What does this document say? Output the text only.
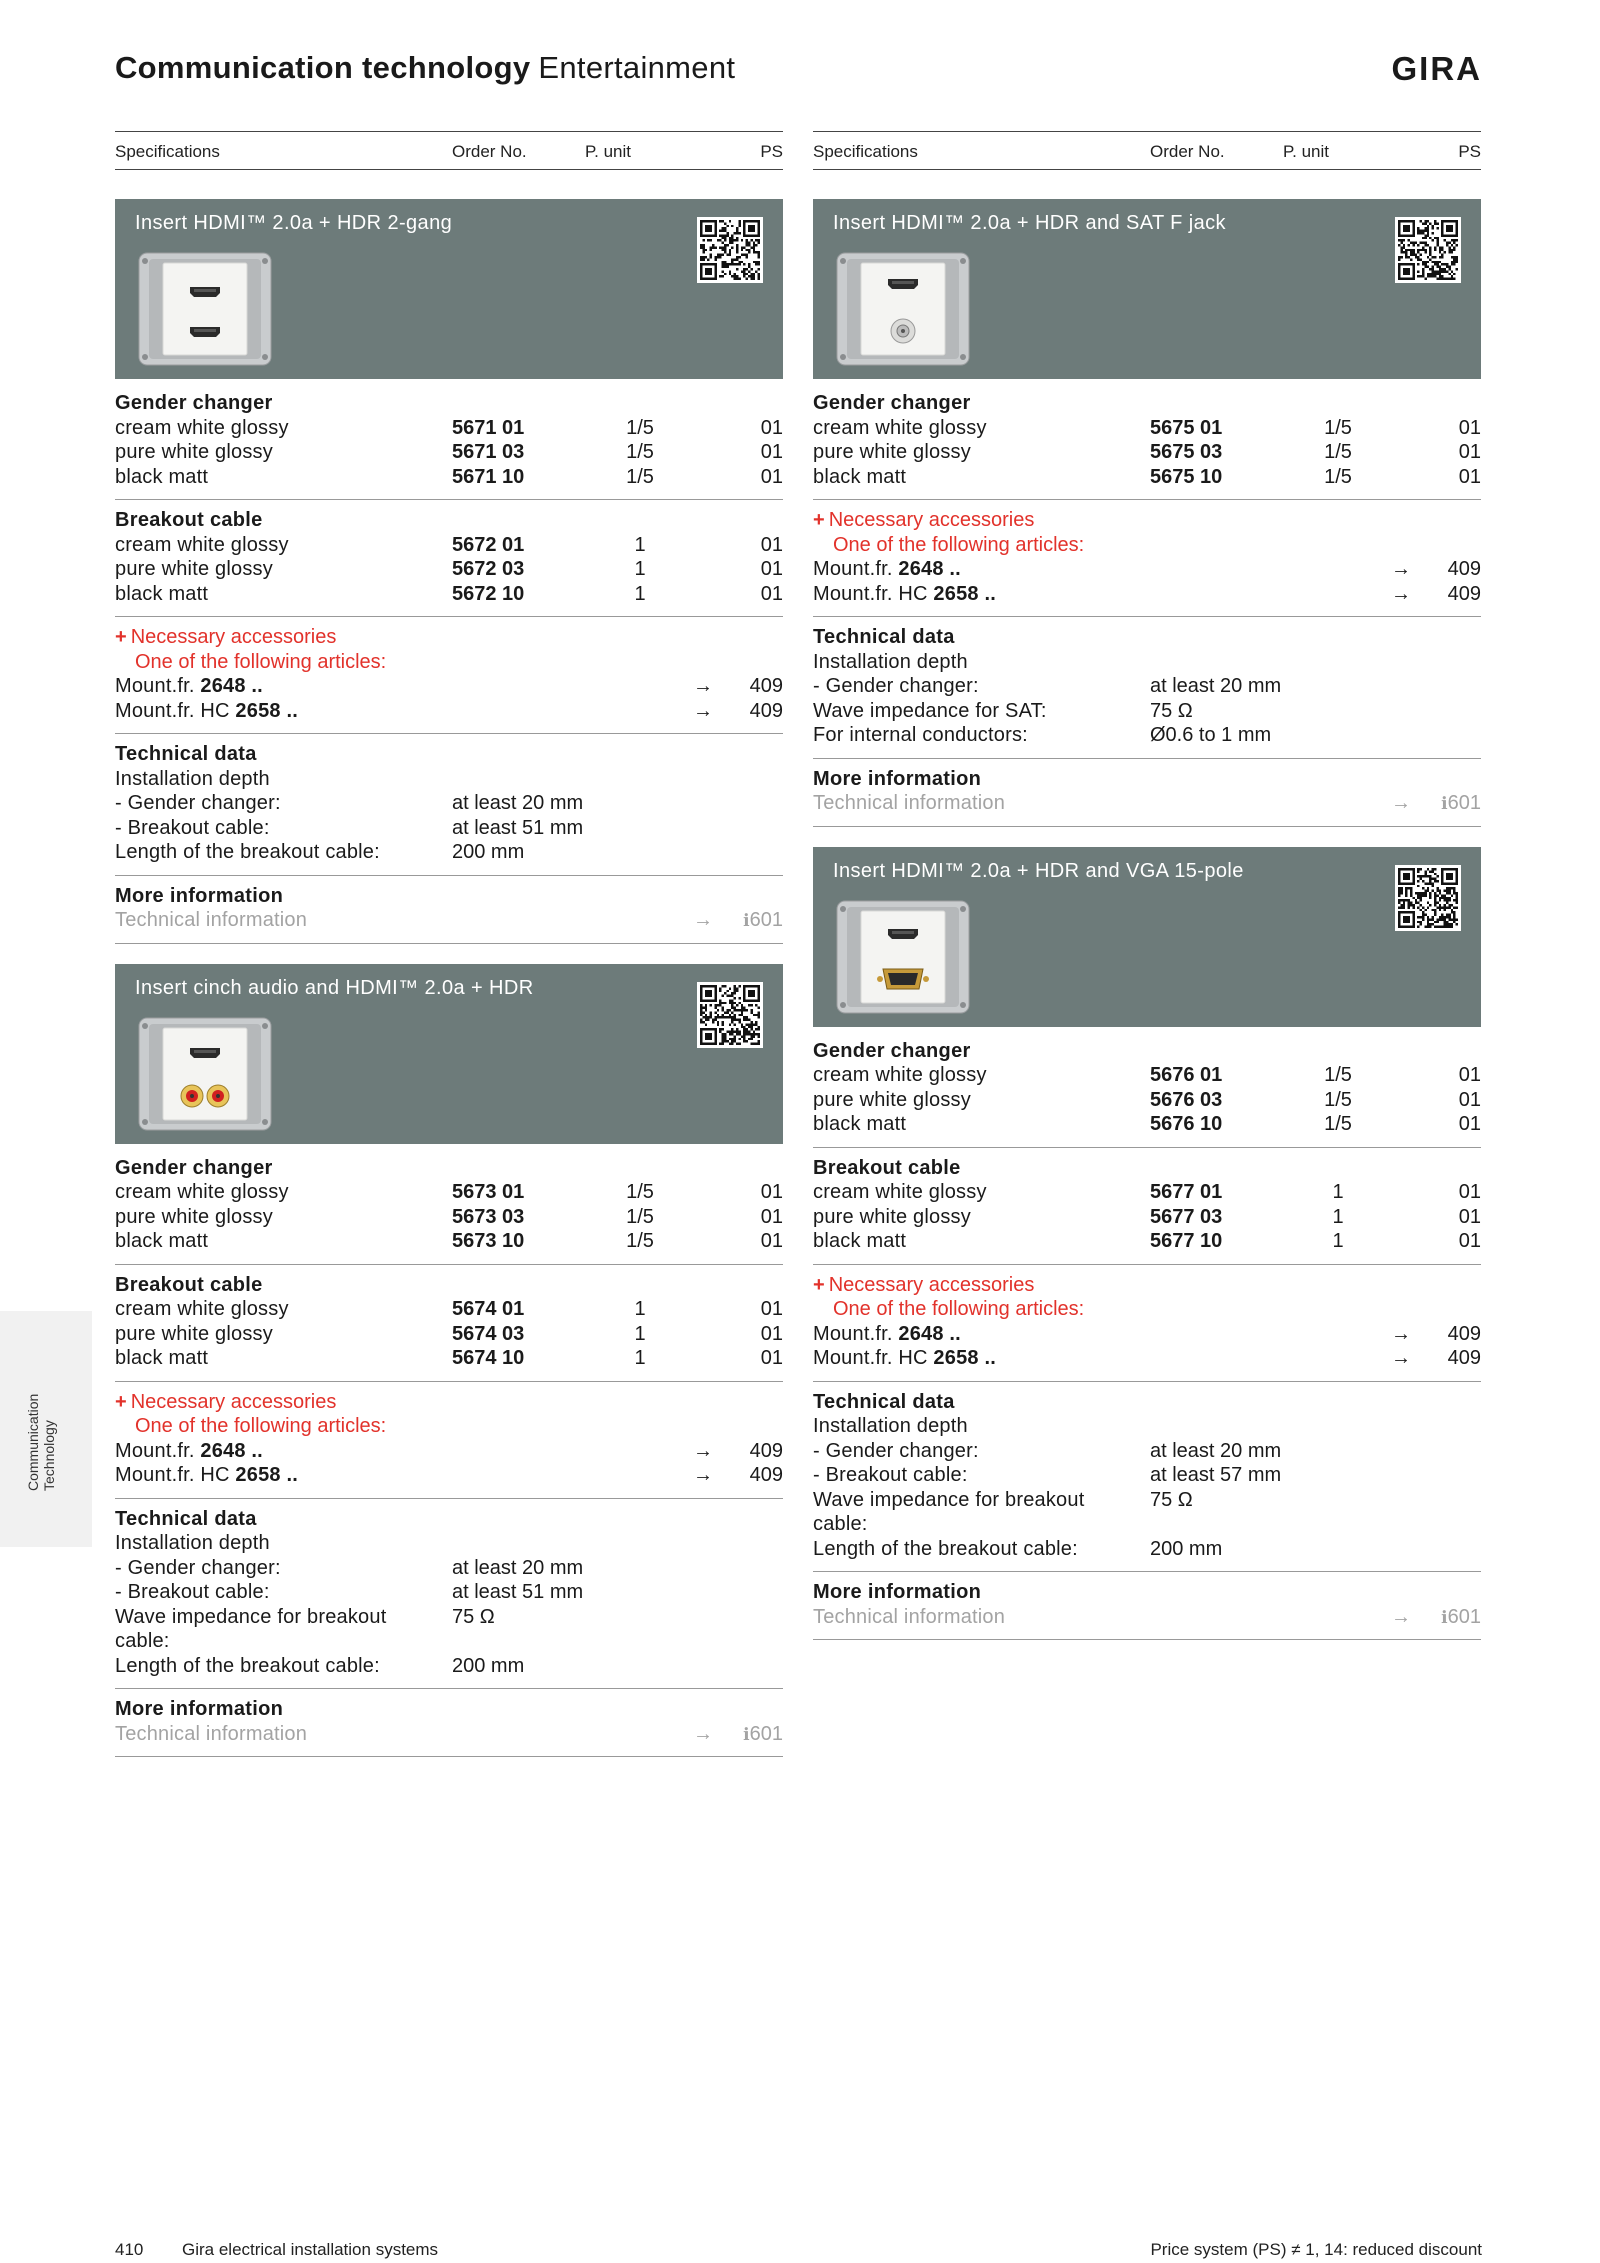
Communication technology Entertainment	GIRA
Communication Technology
Specifications	Order No.	P. unit	PS
Insert HDMI™ 2.0a + HDR 2-gang
Gender changer
cream white glossy	5671 01	1/5	01
pure white glossy	5671 03	1/5	01
black matt	5671 10	1/5	01
Breakout cable
cream white glossy	5672 01	1	01
pure white glossy	5672 03	1	01
black matt	5672 10	1	01
+ Necessary accessories
One of the following articles:
Mount.fr. 2648 ..	→ 409
Mount.fr. HC 2658 ..	→ 409
Technical data
Installation depth
- Gender changer:	at least 20 mm
- Breakout cable:	at least 51 mm
Length of the breakout cable:	200 mm
More information
Technical information	→ ℹ601
Insert cinch audio and HDMI™ 2.0a + HDR
Gender changer
cream white glossy	5673 01	1/5	01
pure white glossy	5673 03	1/5	01
black matt	5673 10	1/5	01
Breakout cable
cream white glossy	5674 01	1	01
pure white glossy	5674 03	1	01
black matt	5674 10	1	01
+ Necessary accessories
One of the following articles:
Mount.fr. 2648 ..	→ 409
Mount.fr. HC 2658 ..	→ 409
Technical data
Installation depth
- Gender changer:	at least 20 mm
- Breakout cable:	at least 51 mm
Wave impedance for breakout cable:
75 Ω
Length of the breakout cable:	200 mm
More information
Technical information	→ ℹ601
Specifications	Order No.	P. unit	PS
Insert HDMI™ 2.0a + HDR and SAT F jack
Gender changer
cream white glossy	5675 01	1/5	01
pure white glossy	5675 03	1/5	01
black matt	5675 10	1/5	01
+ Necessary accessories
One of the following articles:
Mount.fr. 2648 ..	→ 409
Mount.fr. HC 2658 ..	→ 409
Technical data
Installation depth
- Gender changer:	at least 20 mm
Wave impedance for SAT:	75 Ω
For internal conductors:	Ø0.6 to 1 mm
More information
Technical information	→ ℹ601
Insert HDMI™ 2.0a + HDR and VGA 15-pole
Gender changer
cream white glossy	5676 01	1/5	01
pure white glossy	5676 03	1/5	01
black matt	5676 10	1/5	01
Breakout cable
cream white glossy	5677 01	1	01
pure white glossy	5677 03	1	01
black matt	5677 10	1	01
+ Necessary accessories
One of the following articles:
Mount.fr. 2648 ..	→ 409
Mount.fr. HC 2658 ..	→ 409
Technical data
Installation depth
- Gender changer:	at least 20 mm
- Breakout cable:	at least 57 mm
Wave impedance for breakout cable:
75 Ω
Length of the breakout cable:	200 mm
More information
Technical information	→ ℹ601
410 Gira electrical installation systems	Price system (PS) ≠ 1, 14: reduced discount
